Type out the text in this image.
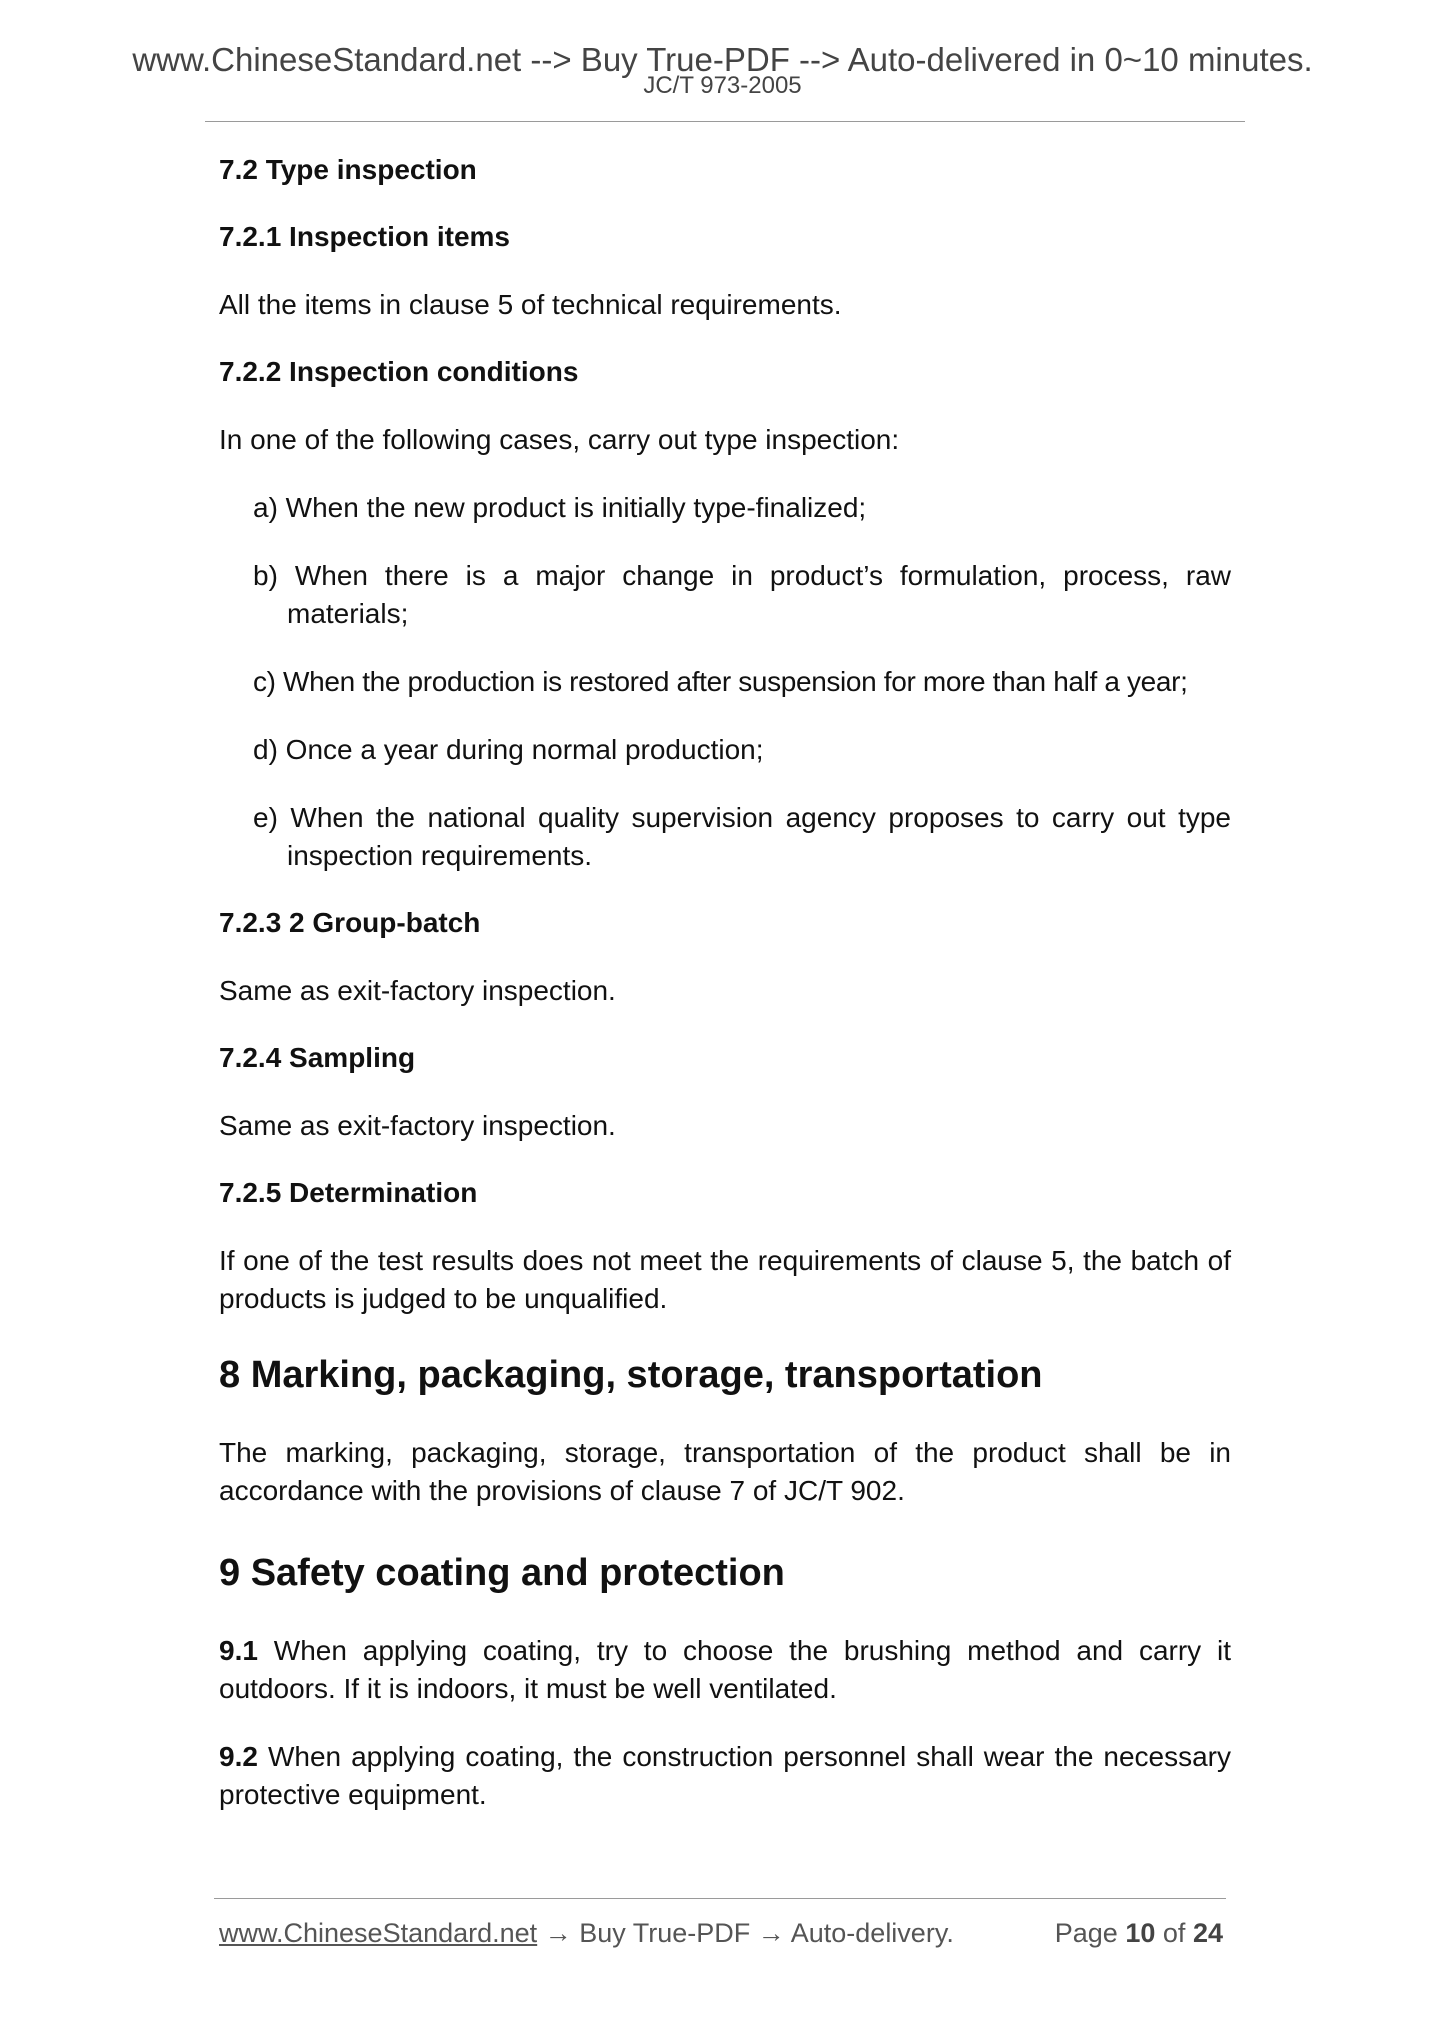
www.ChineseStandard.net --> Buy True-PDF --> Auto-delivered in 0~10 minutes.
JC/T 973-2005
7.2 Type inspection
7.2.1 Inspection items
All the items in clause 5 of technical requirements.
7.2.2 Inspection conditions
In one of the following cases, carry out type inspection:
a) When the new product is initially type-finalized;
b) When there is a major change in product’s formulation, process, raw materials;
c) When the production is restored after suspension for more than half a year;
d) Once a year during normal production;
e) When the national quality supervision agency proposes to carry out type inspection requirements.
7.2.3 2 Group-batch
Same as exit-factory inspection.
7.2.4 Sampling
Same as exit-factory inspection.
7.2.5 Determination
If one of the test results does not meet the requirements of clause 5, the batch of products is judged to be unqualified.
8 Marking, packaging, storage, transportation
The marking, packaging, storage, transportation of the product shall be in accordance with the provisions of clause 7 of JC/T 902.
9 Safety coating and protection
9.1 When applying coating, try to choose the brushing method and carry it outdoors. If it is indoors, it must be well ventilated.
9.2 When applying coating, the construction personnel shall wear the necessary protective equipment.
www.ChineseStandard.net → Buy True-PDF → Auto-delivery.	Page 10 of 24
